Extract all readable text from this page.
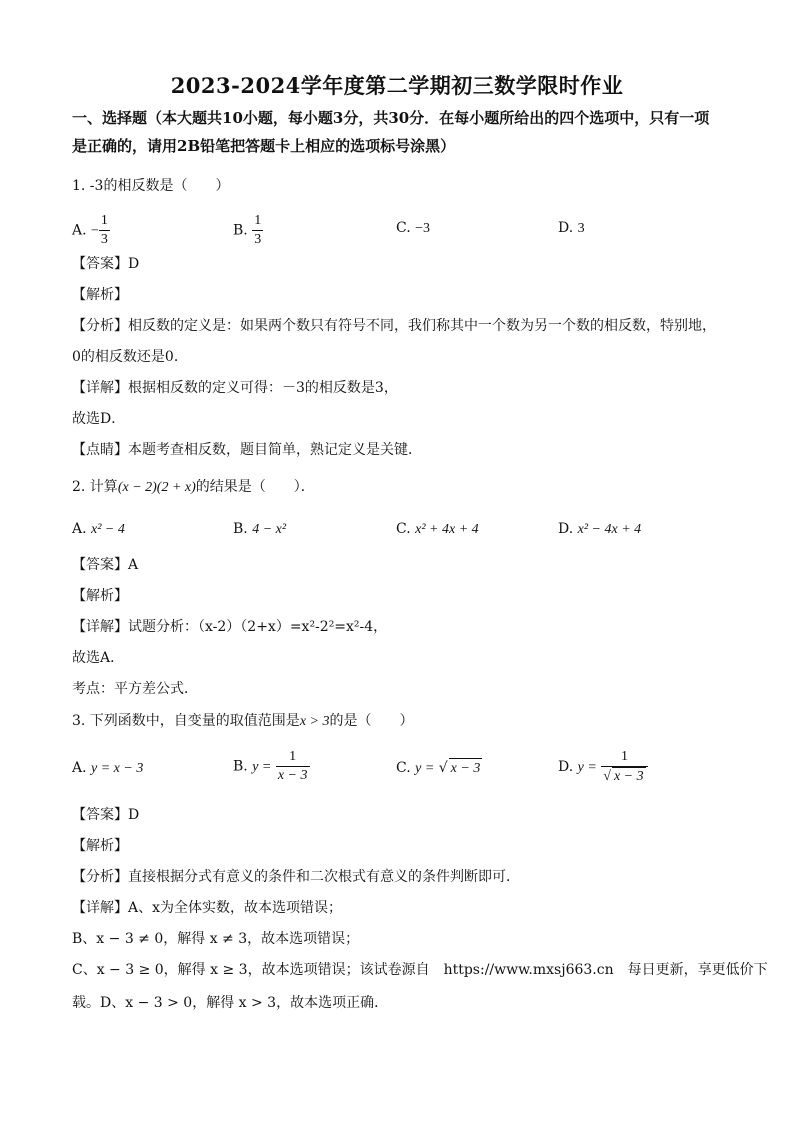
2023-2024学年度第二学期初三数学限时作业
一、选择题（本大题共10小题，每小题3分，共30分．在每小题所给出的四个选项中，只有一项是正确的，请用2B铅笔把答题卡上相应的选项标号涂黑）
1. -3的相反数是（　　）
A. − $\frac{1}{3}$	B. $\frac{1}{3}$	C. −3	D. 3
【答案】D
【解析】
【分析】相反数的定义是：如果两个数只有符号不同，我们称其中一个数为另一个数的相反数，特别地，
0的相反数还是0．
【详解】根据相反数的定义可得：－3的相反数是3，
故选D．
【点睛】本题考查相反数，题目简单，熟记定义是关键．
2. 计算(x − 2)(2 + x)的结果是（　　）．
A. x² − 4	B. 4 − x²	C. x² + 4x + 4	D. x² − 4x + 4
【答案】A
【解析】
【详解】试题分析：（x-2）（2+x）=x²-2²=x²-4，
故选A．
考点：平方差公式．
3. 下列函数中，自变量的取值范围是x > 3的是（　　）
A. y = x − 3	B. $y = \frac{1}{x - 3}$	C. y = √ x − 3	D. $y = \frac{1}{√ x - 3}$
【答案】D
【解析】
【分析】直接根据分式有意义的条件和二次根式有意义的条件判断即可．
【详解】A、x为全体实数，故本选项错误；
B、x − 3 ≠ 0，解得 x ≠ 3，故本选项错误；
C、x − 3 ≥ 0，解得 x ≥ 3，故本选项错误；该试卷源自　https://www.mxsj663.cn　每日更新，享更低价下
载。D、x − 3 > 0，解得 x > 3，故本选项正确．
